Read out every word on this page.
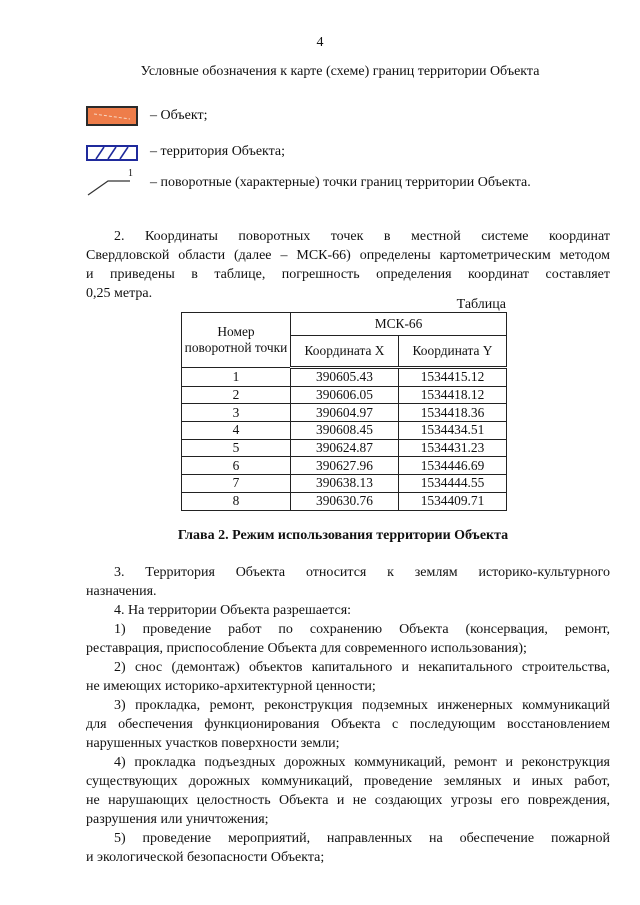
4
Условные обозначения к карте (схеме) границ территории Объекта
– Объект;
– территория Объекта;
1
– поворотные (характерные) точки границ территории Объекта.
2. Координаты поворотных точек в местной системе координат
Свердловской области (далее – МСК-66) определены картометрическим методом
и приведены в таблице, погрешность определения координат составляет
0,25 метра.
Таблица
Номер поворотной точки	МСК-66	
	Координата X	Координата Y
1	390605.43	1534415.12
2	390606.05	1534418.12
3	390604.97	1534418.36
4	390608.45	1534434.51
5	390624.87	1534431.23
6	390627.96	1534446.69
7	390638.13	1534444.55
8	390630.76	1534409.71
Глава 2. Режим использования территории Объекта
3. Территория Объекта относится к землям историко-культурного
назначения.
4. На территории Объекта разрешается:
1) проведение работ по сохранению Объекта (консервация, ремонт,
реставрация, приспособление Объекта для современного использования);
2) снос (демонтаж) объектов капитального и некапитального строительства,
не имеющих историко-архитектурной ценности;
3) прокладка, ремонт, реконструкция подземных инженерных коммуникаций
для обеспечения функционирования Объекта с последующим восстановлением
нарушенных участков поверхности земли;
4) прокладка подъездных дорожных коммуникаций, ремонт и реконструкция
существующих дорожных коммуникаций, проведение земляных и иных работ,
не нарушающих целостность Объекта и не создающих угрозы его повреждения,
разрушения или уничтожения;
5) проведение мероприятий, направленных на обеспечение пожарной
и экологической безопасности Объекта;
